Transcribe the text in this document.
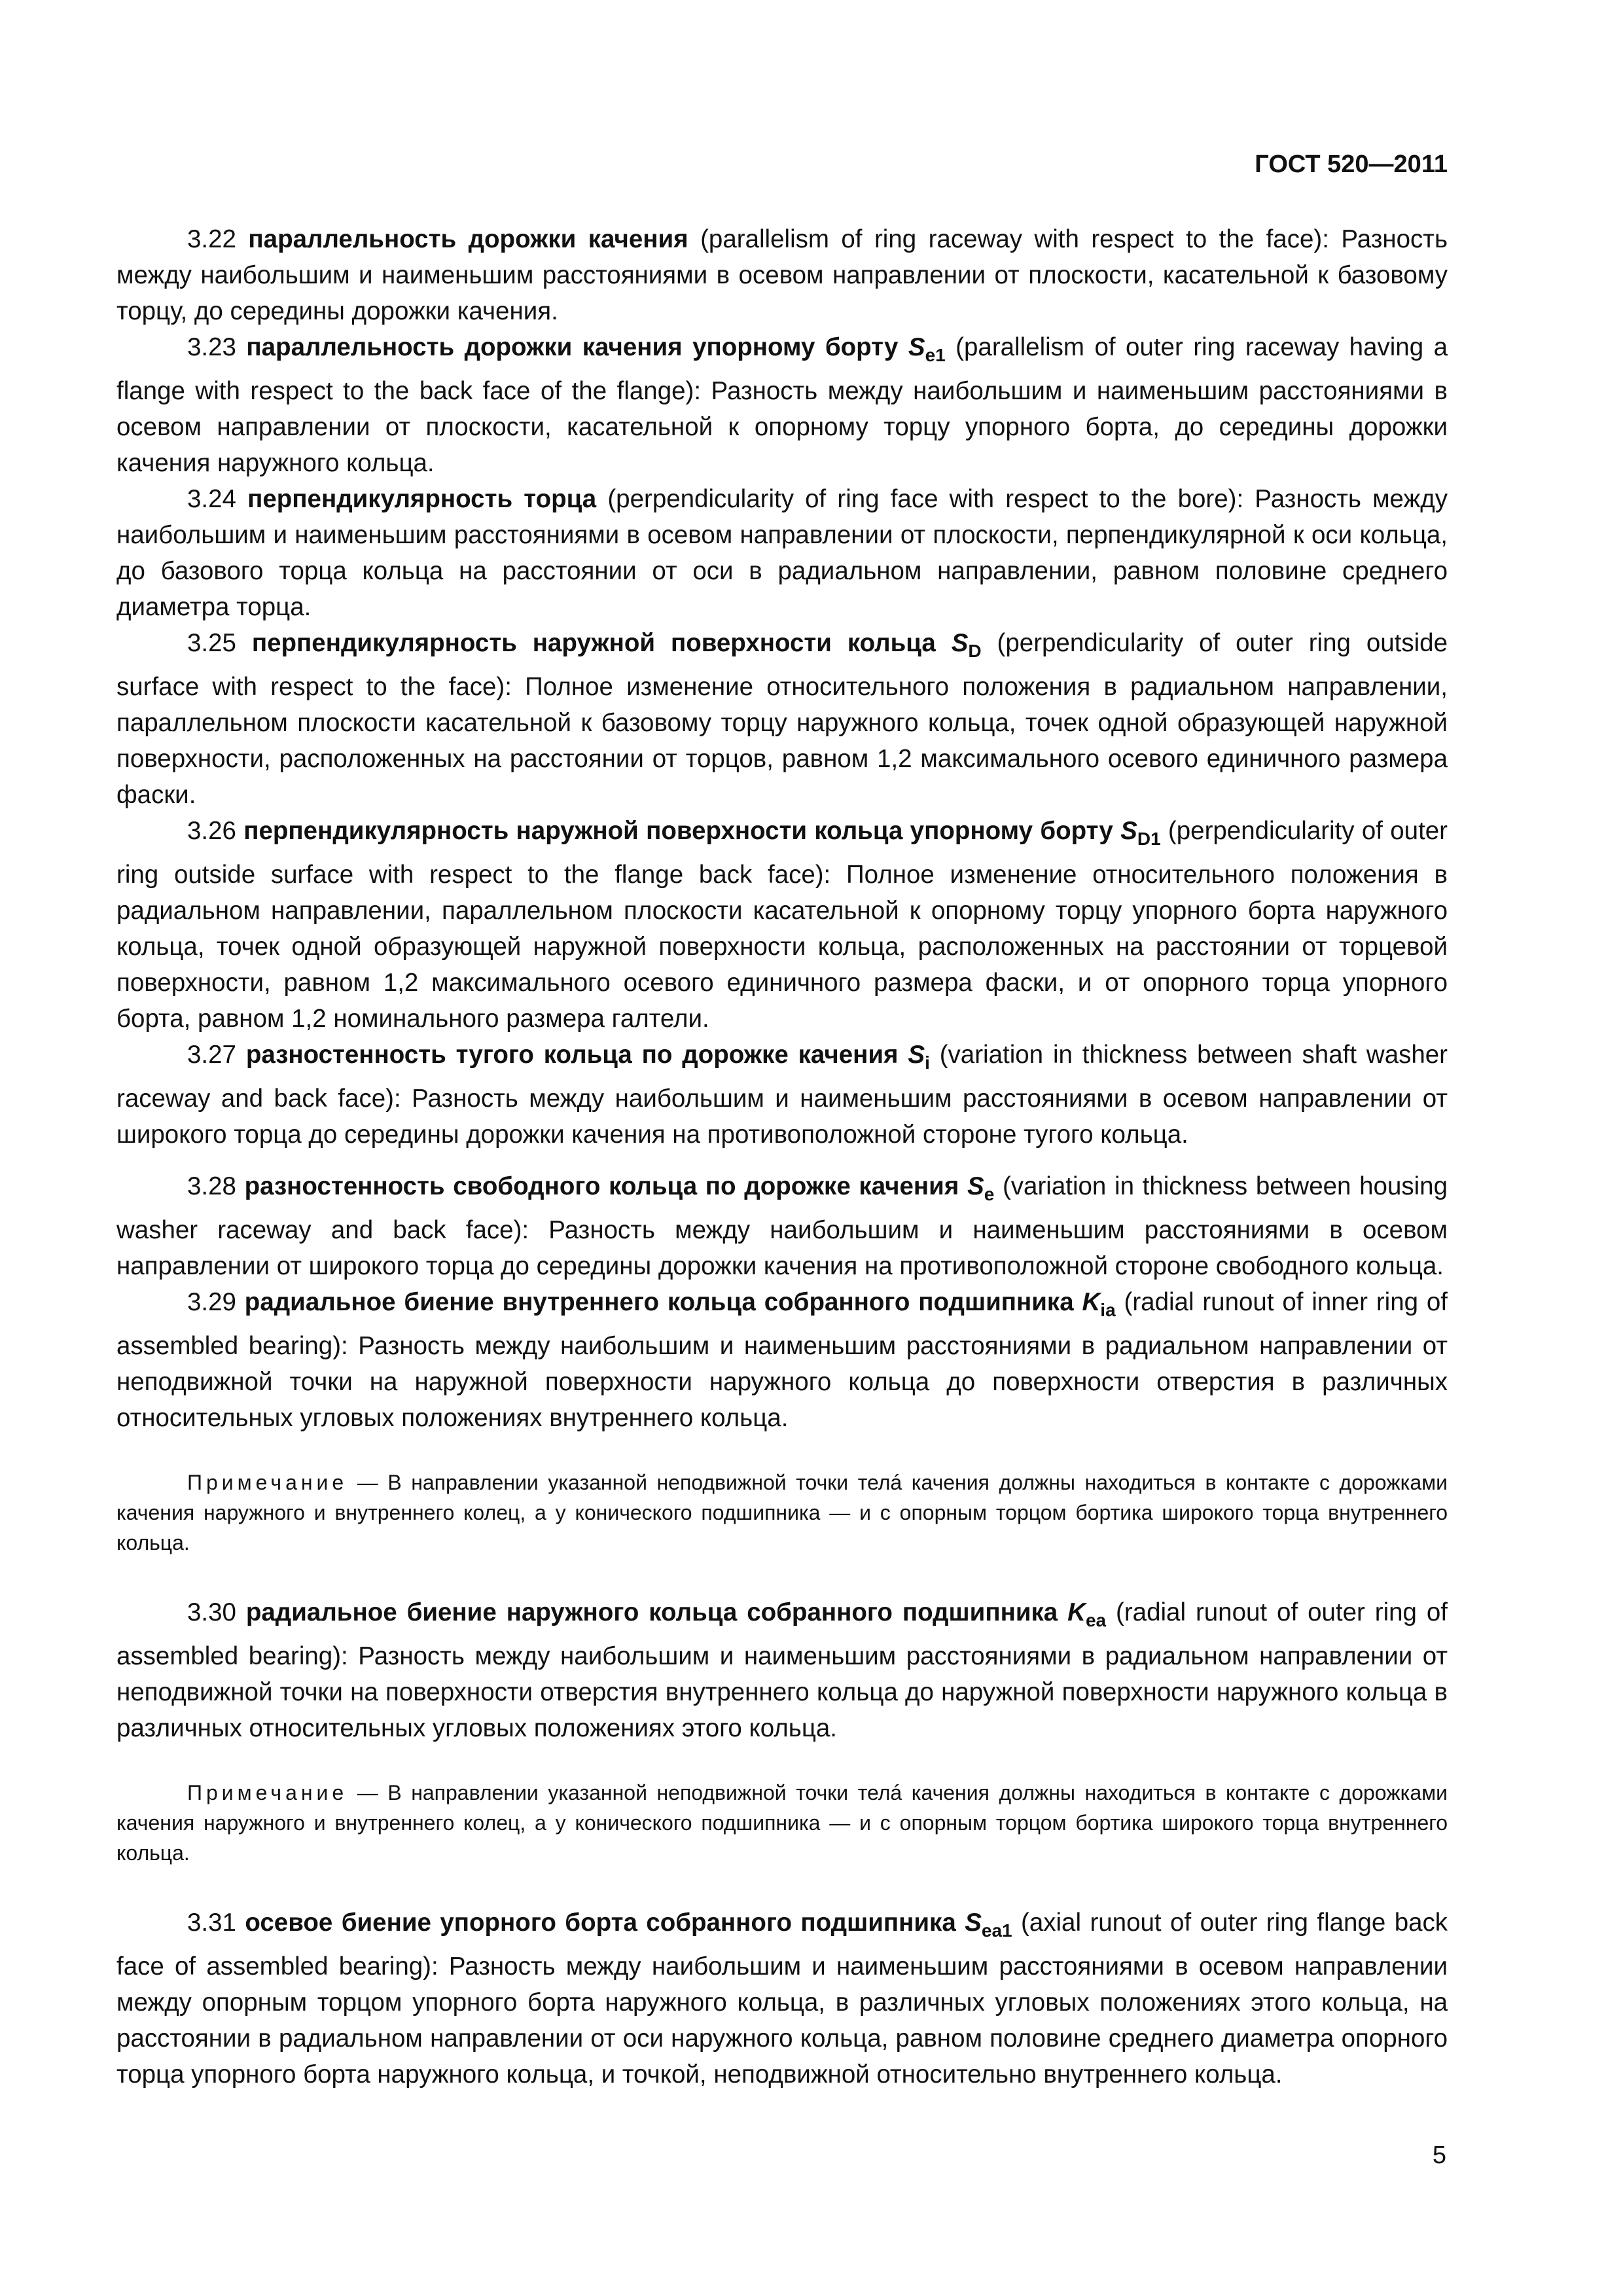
ГОСТ 520—2011

3.22 параллельность дорожки качения (parallelism of ring raceway with respect to the face): Разность между наибольшим и наименьшим расстояниями в осевом направлении от плоскости, касательной к базовому торцу, до середины дорожки качения.

3.23 параллельность дорожки качения упорному борту $S_{e1}$ (parallelism of outer ring raceway having a flange with respect to the back face of the flange): Разность между наибольшим и наименьшим расстояниями в осевом направлении от плоскости, касательной к опорному торцу упорного борта, до середины дорожки качения наружного кольца.

3.24 перпендикулярность торца (perpendicularity of ring face with respect to the bore): Разность между наибольшим и наименьшим расстояниями в осевом направлении от плоскости, перпендикулярной к оси кольца, до базового торца кольца на расстоянии от оси в радиальном направлении, равном половине среднего диаметра торца.

3.25 перпендикулярность наружной поверхности кольца $S_D$ (perpendicularity of outer ring outside surface with respect to the face): Полное изменение относительного положения в радиальном направлении, параллельном плоскости касательной к базовому торцу наружного кольца, точек одной образующей наружной поверхности, расположенных на расстоянии от торцов, равном 1,2 максимального осевого единичного размера фаски.

3.26 перпендикулярность наружной поверхности кольца упорному борту $S_{D1}$ (perpendicularity of outer ring outside surface with respect to the flange back face): Полное изменение относительного положения в радиальном направлении, параллельном плоскости касательной к опорному торцу упорного борта наружного кольца, точек одной образующей наружной поверхности кольца, расположенных на расстоянии от торцевой поверхности, равном 1,2 максимального осевого единичного размера фаски, и от опорного торца упорного борта, равном 1,2 номинального размера галтели.

3.27 разностенность тугого кольца по дорожке качения $S_i$ (variation in thickness between shaft washer raceway and back face): Разность между наибольшим и наименьшим расстояниями в осевом направлении от широкого торца до середины дорожки качения на противоположной стороне тугого кольца.

3.28 разностенность свободного кольца по дорожке качения $S_e$ (variation in thickness between housing washer raceway and back face): Разность между наибольшим и наименьшим расстояниями в осевом направлении от широкого торца до середины дорожки качения на противоположной стороне свободного кольца.

3.29 радиальное биение внутреннего кольца собранного подшипника $K_{ia}$ (radial runout of inner ring of assembled bearing): Разность между наибольшим и наименьшим расстояниями в радиальном направлении от неподвижной точки на наружной поверхности наружного кольца до поверхности отверстия в различных относительных угловых положениях внутреннего кольца.

Примечание — В направлении указанной неподвижной точки телá качения должны находиться в контакте с дорожками качения наружного и внутреннего колец, а у конического подшипника — и с опорным торцом бортика широкого торца внутреннего кольца.

3.30 радиальное биение наружного кольца собранного подшипника $K_{ea}$ (radial runout of outer ring of assembled bearing): Разность между наибольшим и наименьшим расстояниями в радиальном направлении от неподвижной точки на поверхности отверстия внутреннего кольца до наружной поверхности наружного кольца в различных относительных угловых положениях этого кольца.

Примечание — В направлении указанной неподвижной точки телá качения должны находиться в контакте с дорожками качения наружного и внутреннего колец, а у конического подшипника — и с опорным торцом бортика широкого торца внутреннего кольца.

3.31 осевое биение упорного борта собранного подшипника $S_{ea1}$ (axial runout of outer ring flange back face of assembled bearing): Разность между наибольшим и наименьшим расстояниями в осевом направлении между опорным торцом упорного борта наружного кольца, в различных угловых положениях этого кольца, на расстоянии в радиальном направлении от оси наружного кольца, равном половине среднего диаметра опорного торца упорного борта наружного кольца, и точкой, неподвижной относительно внутреннего кольца.

5
